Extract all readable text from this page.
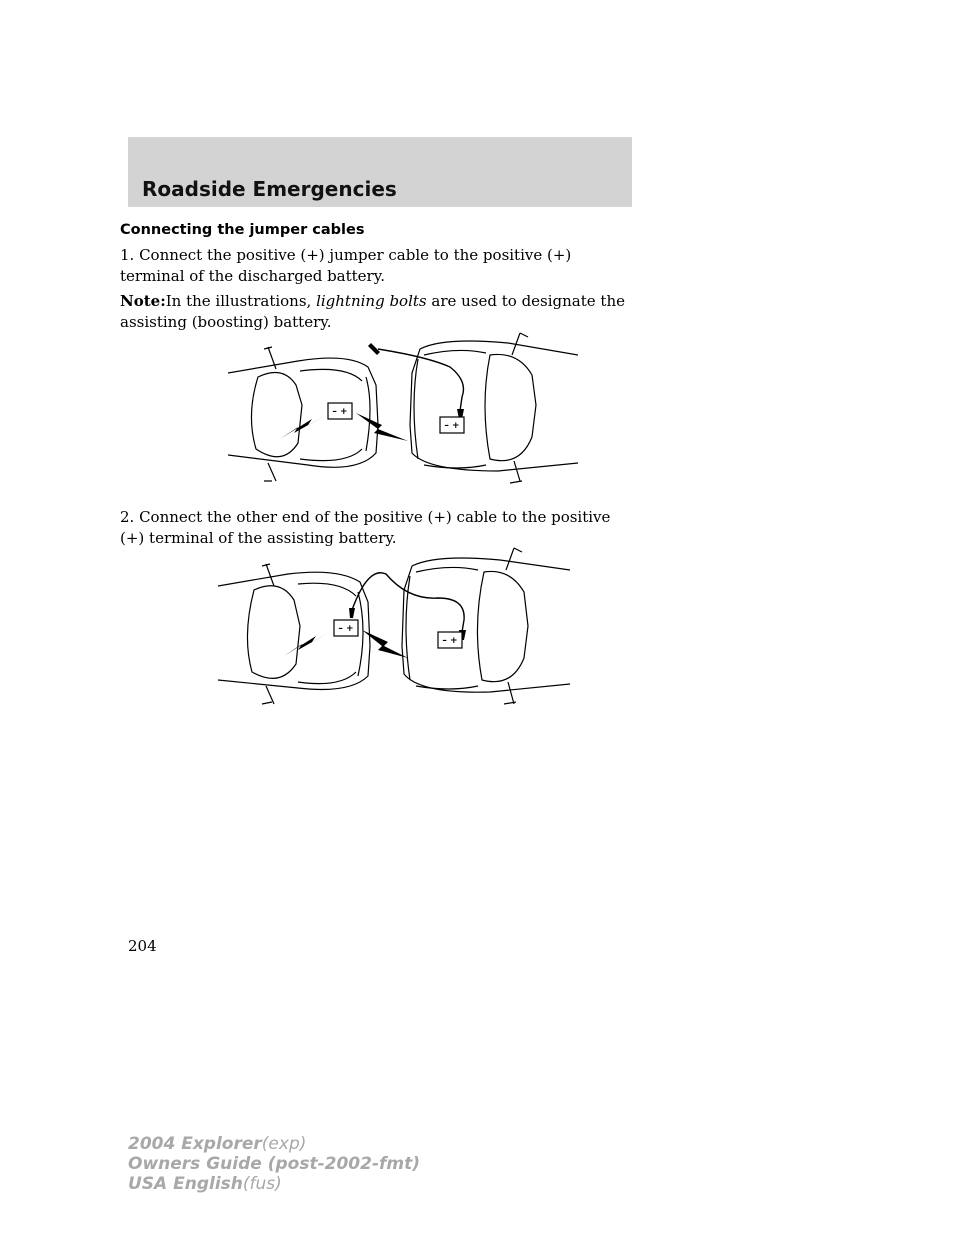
Roadside Emergencies
Connecting the jumper cables

1. Connect the positive (+) jumper cable to the positive (+) terminal of the discharged battery.

Note:In the illustrations, lightning bolts are used to designate the assisting (boosting) battery.

2. Connect the other end of the positive (+) cable to the positive (+) terminal of the assisting battery.

– +
– +
– +
– +

204

2004 Explorer(exp)
Owners Guide (post-2002-fmt)
USA English(fus)
